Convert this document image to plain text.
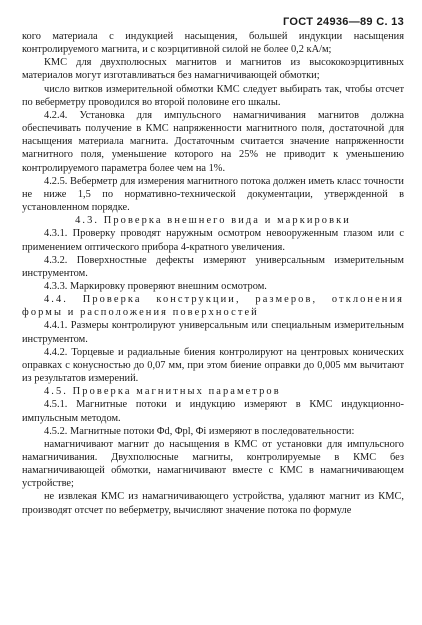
ГОСТ 24936—89 С. 13

кого материала с индукцией насыщения, большей индукции насыщения контролируемого магнита, и с коэрцитивной силой не более 0,2 кА/м;

КМС для двухполюсных магнитов и магнитов из высококоэрцитивных материалов могут изготавливаться без намагничивающей обмотки;

число витков измерительной обмотки КМС следует выбирать так, чтобы отсчет по веберметру проводился во второй половине его шкалы.

4.2.4. Установка для импульсного намагничивания магнитов должна обеспечивать получение в КМС напряженности магнитного поля, достаточной для насыщения материала магнита. Достаточным считается значение напряженности магнитного поля, уменьшение которого на 25% не приводит к уменьшению контролируемого параметра более чем на 1%.

4.2.5. Веберметр для измерения магнитного потока должен иметь класс точности не ниже 1,5 по нормативно-технической документации, утвержденной в установленном порядке.

4.3. Проверка внешнего вида и маркировки

4.3.1. Проверку проводят наружным осмотром невооруженным глазом или с применением оптического прибора 4-кратного увеличения.

4.3.2. Поверхностные дефекты измеряют универсальным измерительным инструментом.

4.3.3. Маркировку проверяют внешним осмотром.

4.4. Проверка конструкции, размеров, отклонения формы и расположения поверхностей

4.4.1. Размеры контролируют универсальным или специальным измерительным инструментом.

4.4.2. Торцевые и радиальные биения контролируют на центровых конических оправках с конусностью до 0,07 мм, при этом биение оправки до 0,005 мм вычитают из результатов измерений.

4.5. Проверка магнитных параметров

4.5.1. Магнитные потоки и индукцию измеряют в КМС индукционно-импульсным методом.

4.5.2. Магнитные потоки Φd, Φpl, Φi измеряют в последовательности:

намагничивают магнит до насыщения в КМС от установки для импульсного намагничивания. Двухполюсные магниты, контролируемые в КМС без намагничивающей обмотки, намагничивают вместе с КМС в намагничивающем устройстве;

не извлекая КМС из намагничивающего устройства, удаляют магнит из КМС, производят отсчет по веберметру, вычисляют значение потока по формуле
